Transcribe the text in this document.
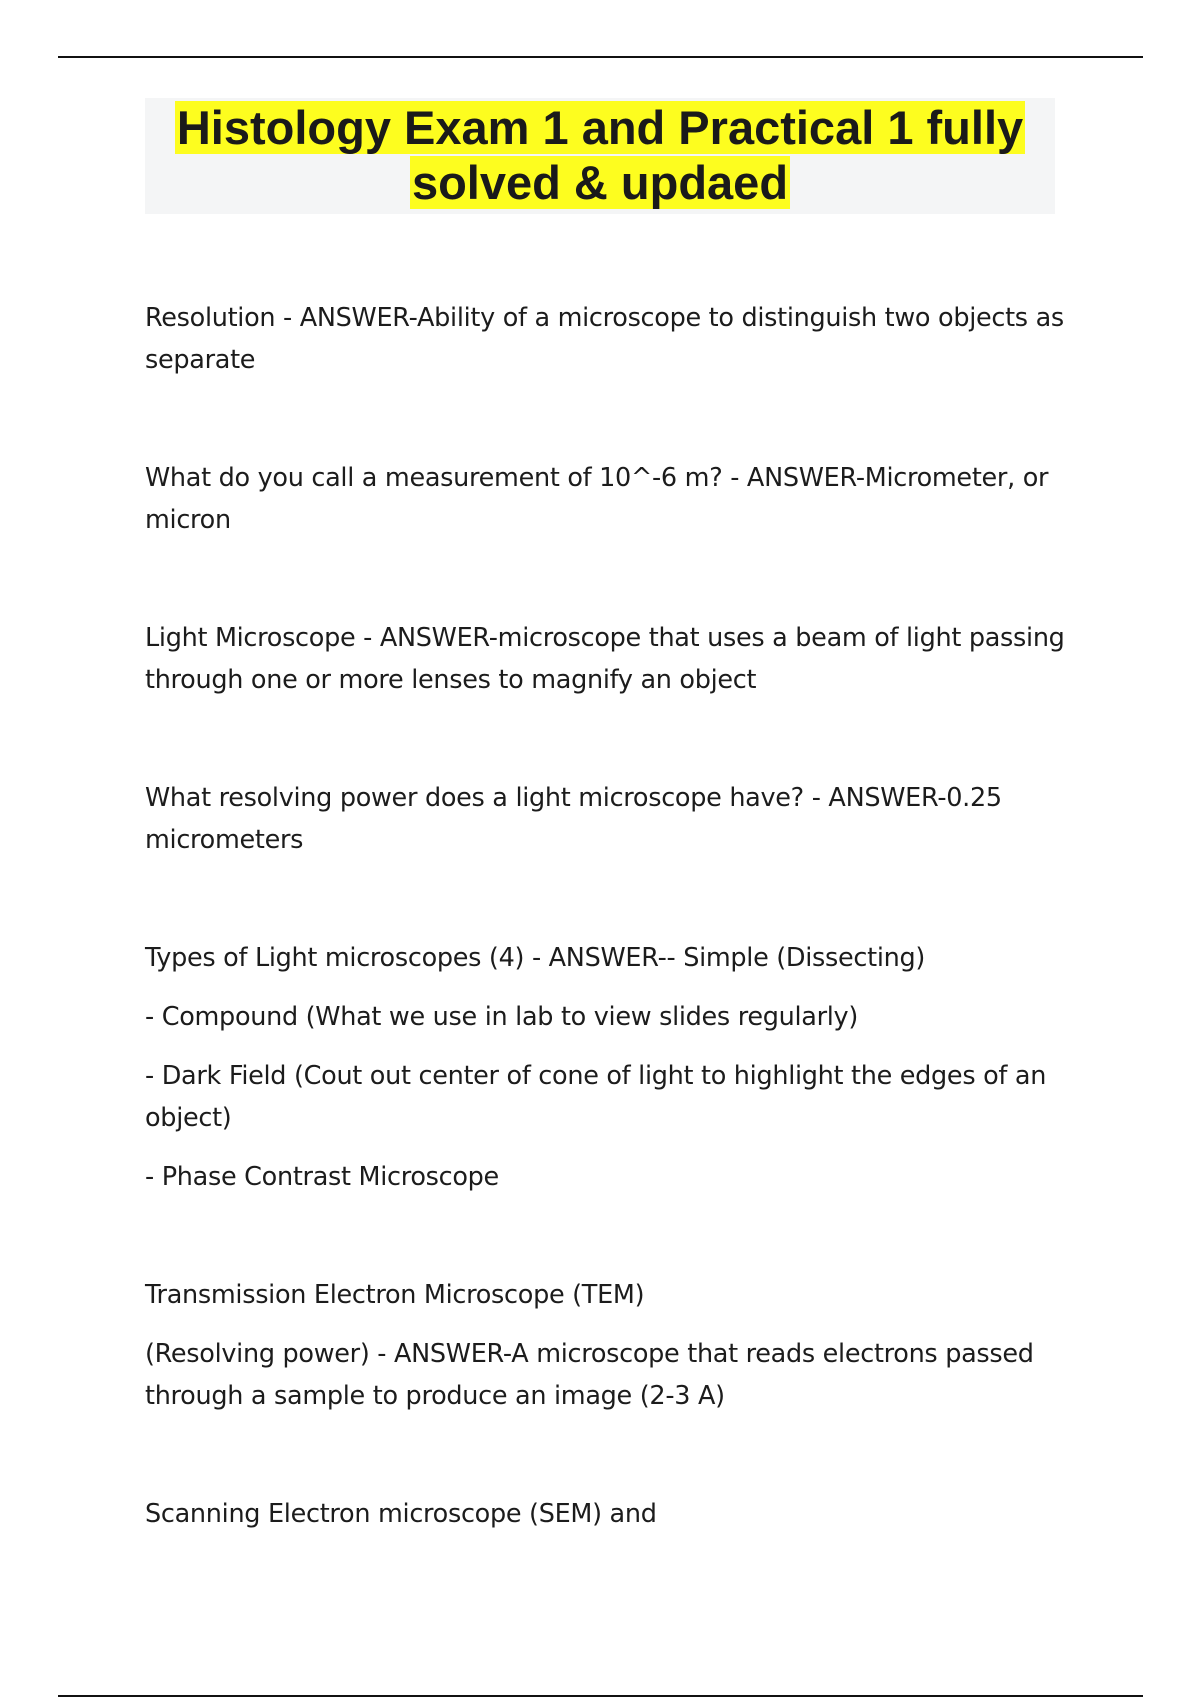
Histology Exam 1 and Practical 1 fully
solved & updaed

Resolution - ANSWER-Ability of a microscope to distinguish two objects as separate

What do you call a measurement of 10^-6 m? - ANSWER-Micrometer, or micron

Light Microscope - ANSWER-microscope that uses a beam of light passing through one or more lenses to magnify an object

What resolving power does a light microscope have? - ANSWER-0.25 micrometers

Types of Light microscopes (4) - ANSWER-- Simple (Dissecting)

- Compound (What we use in lab to view slides regularly)

- Dark Field (Cout out center of cone of light to highlight the edges of an object)

- Phase Contrast Microscope

Transmission Electron Microscope (TEM)

(Resolving power) - ANSWER-A microscope that reads electrons passed through a sample to produce an image (2-3 A)

Scanning Electron microscope (SEM) and
